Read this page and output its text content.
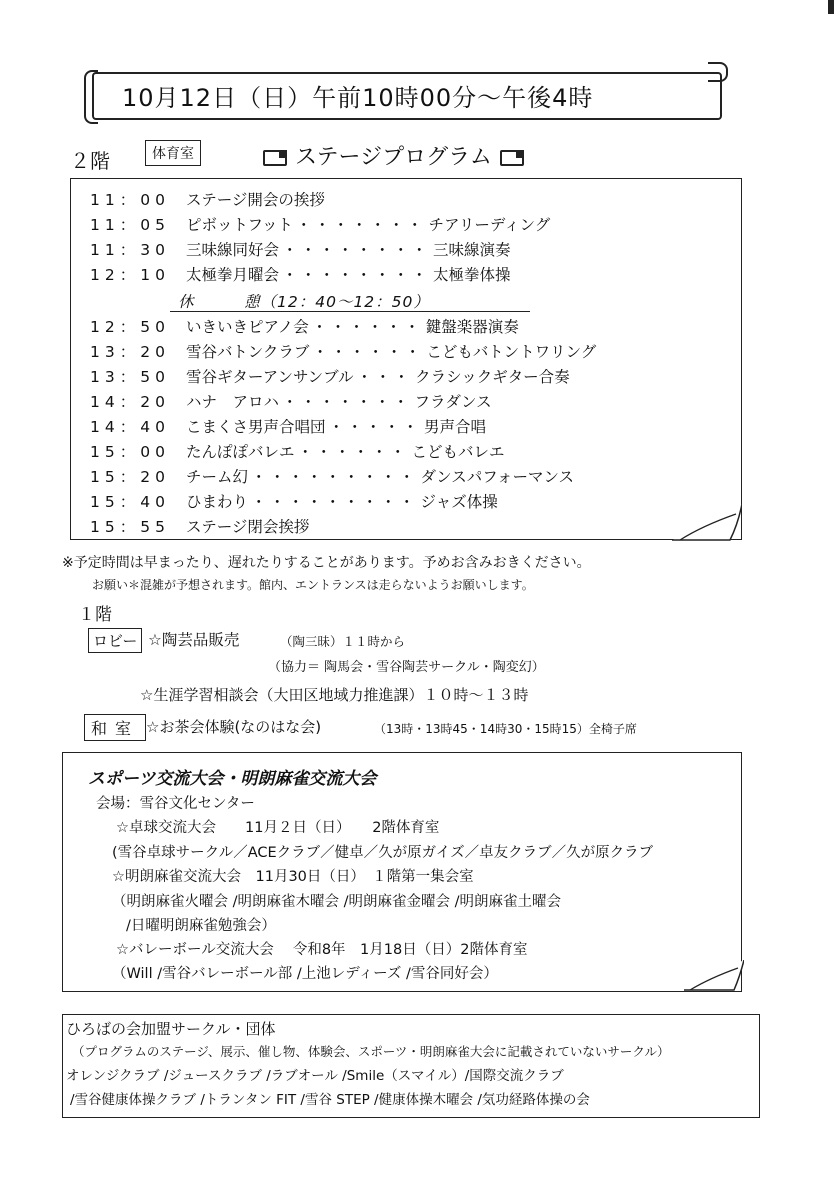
10月12日（日）午前10時00分～午後4時
２階	体育室	ステージプログラム
11：00 ステージ開会の挨拶
11：05 ピボットフット ・・・・・・・ チアリーディング
11：30 三味線同好会 ・・・・・・・・ 三味線演奏
12：10 太極拳月曜会 ・・・・・・・・ 太極拳体操
休　　　憩（12：40～12：50）
12：50 いきいきピアノ会 ・・・・・・ 鍵盤楽器演奏
13：20 雪谷バトンクラブ ・・・・・・ こどもバトントワリング
13：50 雪谷ギターアンサンブル ・・・ クラシックギター合奏
14：20 ハナ　アロハ ・・・・・・・ フラダンス
14：40 こまくさ男声合唱団 ・・・・・ 男声合唱
15：00 たんぽぽバレエ ・・・・・・ こどもバレエ
15：20 チーム幻 ・・・・・・・・・ ダンスパフォーマンス
15：40 ひまわり ・・・・・・・・・ ジャズ体操
15：55 ステージ閉会挨拶
※予定時間は早まったり、遅れたりすることがあります。予めお含みおきください。
お願い＊混雑が予想されます。館内、エントランスは走らないようお願いします。
１階
ロビー ☆陶芸品販売	（陶三昧）１１時から
（協力＝ 陶馬会・雪谷陶芸サークル・陶変幻）
☆生涯学習相談会（大田区地域力推進課）１０時～１３時
和室 ☆お茶会体験(なのはな会)	（13時・13時45・14時30・15時15）全椅子席
スポーツ交流大会・明朗麻雀交流大会
会場：雪谷文化センター
☆卓球交流大会　　11月２日（日）　　2階体育室
(雪谷卓球サークル／ACEクラブ／健卓／久が原ガイズ／卓友クラブ／久が原クラブ
☆明朗麻雀交流大会　11月30日（日）　１階第一集会室
（明朗麻雀火曜会 /明朗麻雀木曜会 /明朗麻雀金曜会 /明朗麻雀土曜会
/日曜明朗麻雀勉強会）
☆バレーボール交流大会　 令和8年　1月18日（日）2階体育室
（Will /雪谷バレーボール部 /上池レディーズ /雪谷同好会）
ひろばの会加盟サークル・団体
（プログラムのステージ、展示、催し物、体験会、スポーツ・明朗麻雀大会に記載されていないサークル）
オレンジクラブ /ジュースクラブ /ラブオール /Smile（スマイル）/国際交流クラブ
/雪谷健康体操クラブ /トランタン FIT /雪谷 STEP /健康体操木曜会 /気功経路体操の会
